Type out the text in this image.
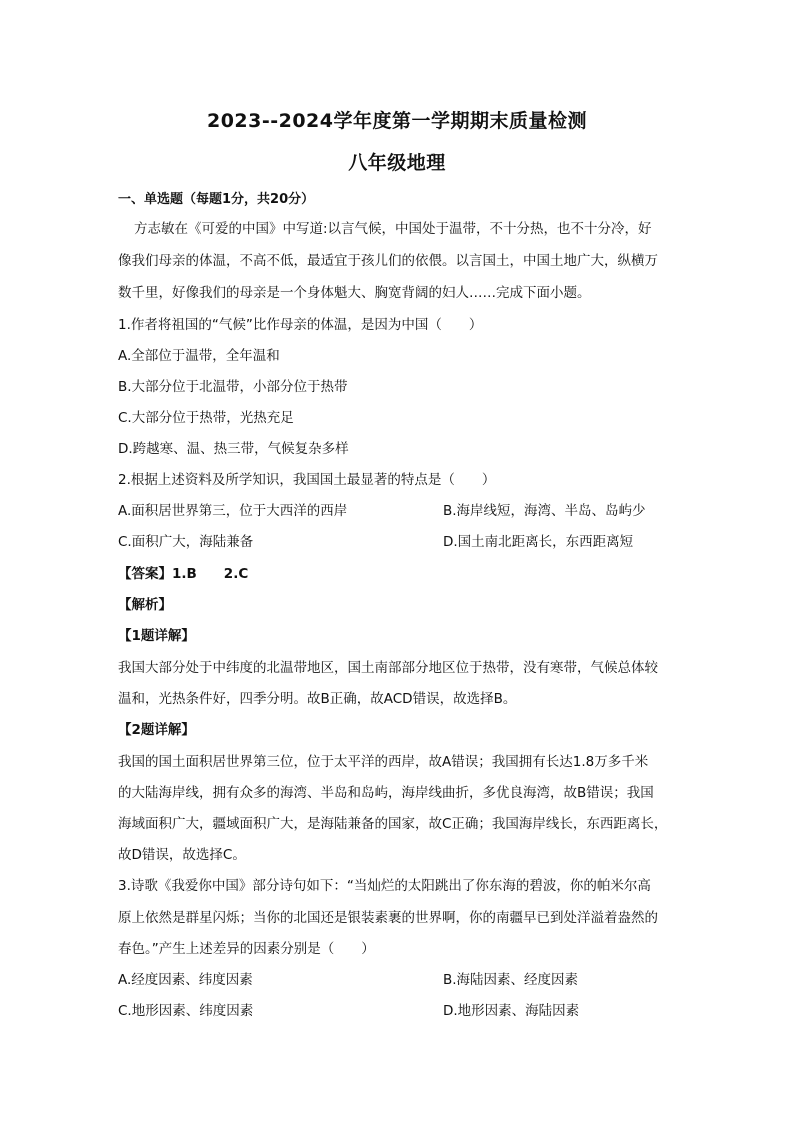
2023--2024学年度第一学期期末质量检测
八年级地理
一、单选题（每题1分，共20分）
方志敏在《可爱的中国》中写道:以言气候，中国处于温带，不十分热，也不十分冷，好
像我们母亲的体温，不高不低，最适宜于孩儿们的依偎。以言国土，中国土地广大，纵横万
数千里，好像我们的母亲是一个身体魁大、胸宽背阔的妇人……完成下面小题。
1.作者将祖国的“气候”比作母亲的体温，是因为中国（　　）
A.全部位于温带，全年温和
B.大部分位于北温带，小部分位于热带
C.大部分位于热带，光热充足
D.跨越寒、温、热三带，气候复杂多样
2.根据上述资料及所学知识，我国国土最显著的特点是（　　）
A.面积居世界第三，位于大西洋的西岸	B.海岸线短，海湾、半岛、岛屿少
C.面积广大，海陆兼备	D.国土南北距离长，东西距离短
【答案】1.B　　2.C
【解析】
【1题详解】
我国大部分处于中纬度的北温带地区，国土南部部分地区位于热带，没有寒带，气候总体较
温和，光热条件好，四季分明。故B正确，故ACD错误，故选择B。
【2题详解】
我国的国土面积居世界第三位，位于太平洋的西岸，故A错误；我国拥有长达1.8万多千米
的大陆海岸线，拥有众多的海湾、半岛和岛屿，海岸线曲折，多优良海湾，故B错误；我国
海域面积广大，疆域面积广大，是海陆兼备的国家，故C正确；我国海岸线长，东西距离长，
故D错误，故选择C。
3.诗歌《我爱你中国》部分诗句如下：“当灿烂的太阳跳出了你东海的碧波，你的帕米尔高
原上依然是群星闪烁；当你的北国还是银装素裹的世界啊，你的南疆早已到处洋溢着盎然的
春色。”产生上述差异的因素分别是（　　）
A.经度因素、纬度因素	B.海陆因素、经度因素
C.地形因素、纬度因素	D.地形因素、海陆因素
